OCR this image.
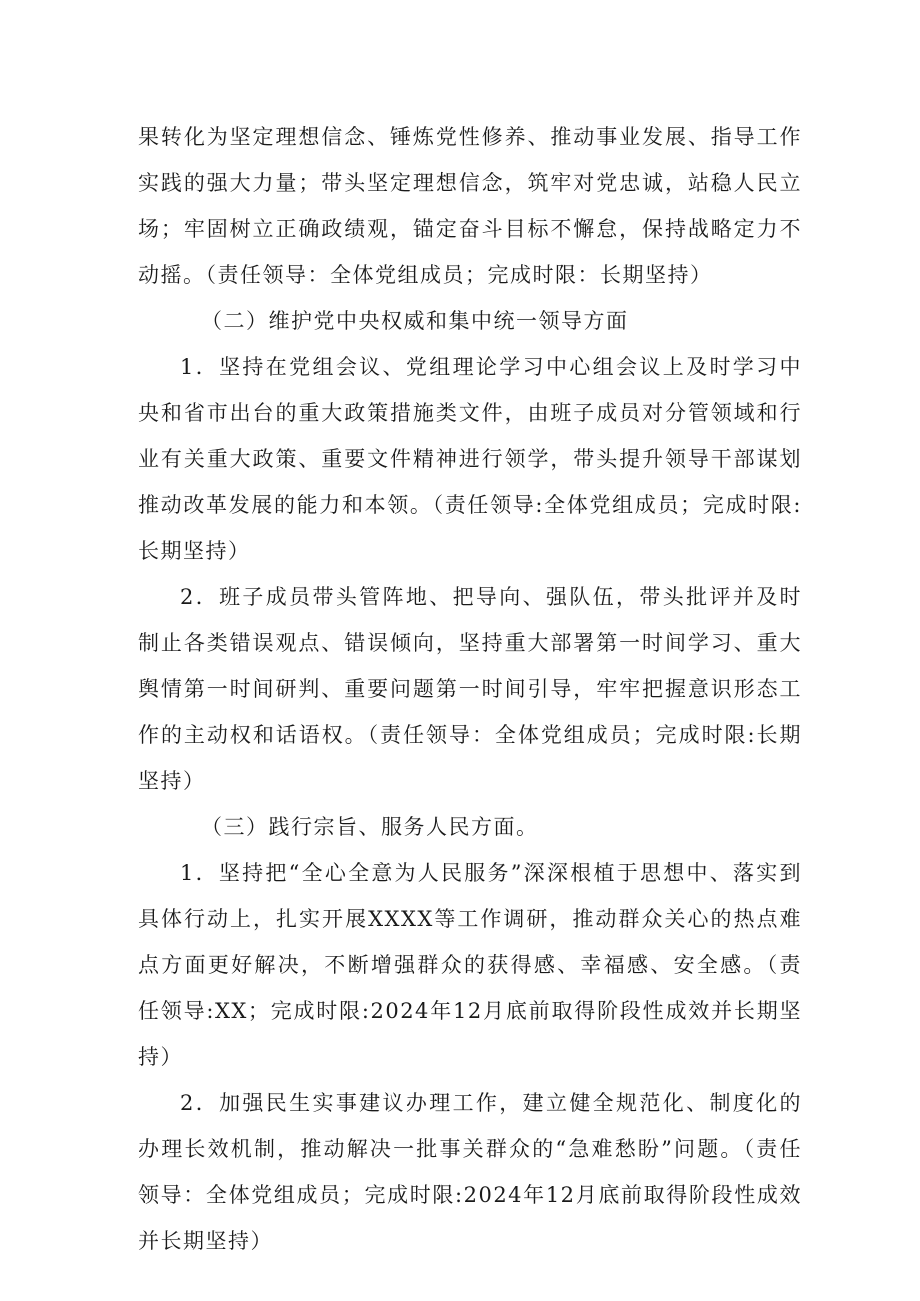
果转化为坚定理想信念、锤炼党性修养、推动事业发展、指导工作实践的强大力量；带头坚定理想信念，筑牢对党忠诚，站稳人民立场；牢固树立正确政绩观，锚定奋斗目标不懈怠，保持战略定力不动摇。（责任领导：全体党组成员；完成时限：长期坚持）

（二）维护党中央权威和集中统一领导方面

1．坚持在党组会议、党组理论学习中心组会议上及时学习中央和省市出台的重大政策措施类文件，由班子成员对分管领域和行业有关重大政策、重要文件精神进行领学，带头提升领导干部谋划推动改革发展的能力和本领。（责任领导:全体党组成员；完成时限:长期坚持）

2．班子成员带头管阵地、把导向、强队伍，带头批评并及时制止各类错误观点、错误倾向，坚持重大部署第一时间学习、重大舆情第一时间研判、重要问题第一时间引导，牢牢把握意识形态工作的主动权和话语权。（责任领导：全体党组成员；完成时限:长期坚持）

（三）践行宗旨、服务人民方面。

1．坚持把“全心全意为人民服务”深深根植于思想中、落实到具体行动上，扎实开展XXXX等工作调研，推动群众关心的热点难点方面更好解决，不断增强群众的获得感、幸福感、安全感。（责任领导:XX；完成时限:2024年12月底前取得阶段性成效并长期坚持）

2．加强民生实事建议办理工作，建立健全规范化、制度化的办理长效机制，推动解决一批事关群众的“急难愁盼”问题。（责任领导：全体党组成员；完成时限:2024年12月底前取得阶段性成效并长期坚持）
